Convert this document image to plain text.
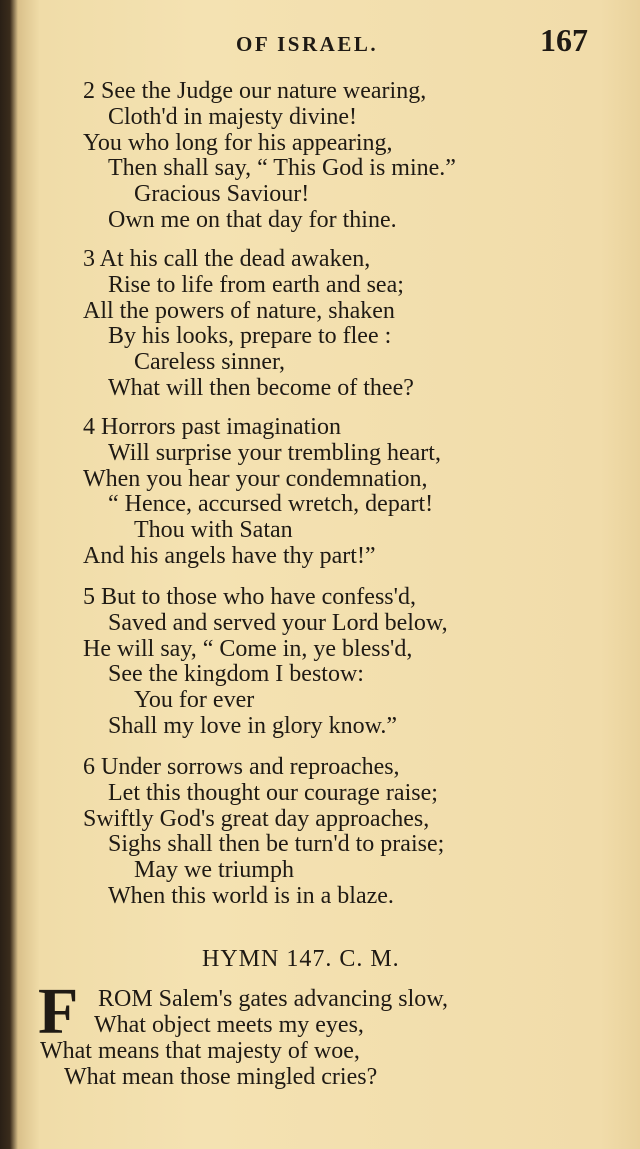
OF ISRAEL.	167
2 See the Judge our nature wearing,
Cloth'd in majesty divine!
You who long for his appearing,
Then shall say, “ This God is mine.”
Gracious Saviour!
Own me on that day for thine.
3 At his call the dead awaken,
Rise to life from earth and sea;
All the powers of nature, shaken
By his looks, prepare to flee :
Careless sinner,
What will then become of thee?
4 Horrors past imagination
Will surprise your trembling heart,
When you hear your condemnation,
“ Hence, accursed wretch, depart!
Thou with Satan
And his angels have thy part!”
5 But to those who have confess'd,
Saved and served your Lord below,
He will say, “ Come in, ye bless'd,
See the kingdom I bestow:
You for ever
Shall my love in glory know.”
6 Under sorrows and reproaches,
Let this thought our courage raise;
Swiftly God's great day approaches,
Sighs shall then be turn'd to praise;
May we triumph
When this world is in a blaze.
HYMN 147. C. M.
F ROM Salem's gates advancing slow,
What object meets my eyes,
What means that majesty of woe,
What mean those mingled cries?
